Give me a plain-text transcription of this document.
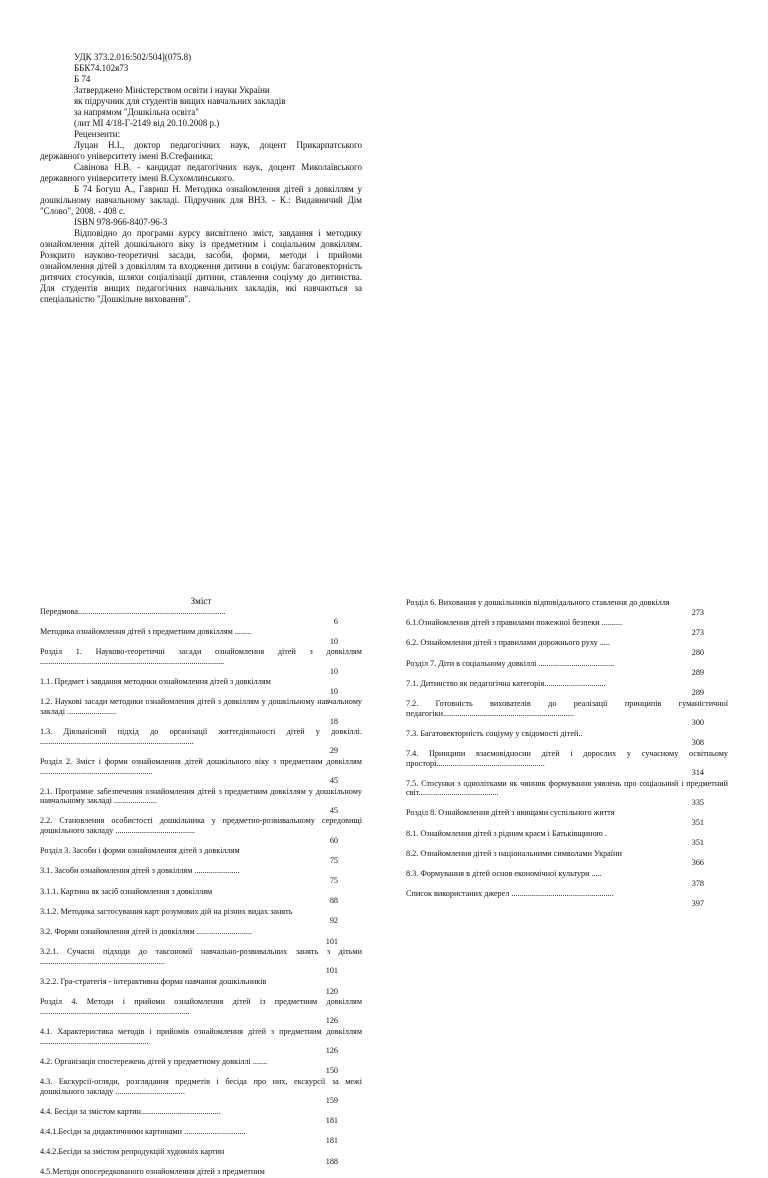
УДК 373.2.016:502/504](075.8)
ББК74.102я73
Б 74
Затверджено Міністерством освіти і науки України
як підручник для студентів вищих навчальних закладів
за напрямом "Дошкільна освіта"
(лит МІ 4/18-Г-2149 від 20.10.2008 р.)
Рецензенти:
Луцан Н.І., доктор педагогічних наук, доцент Прикарпатського державного університету імені В.Стефаника;
Савінова Н.В. - кандидат педагогічних наук, доцент Миколаївського державного університету імені В.Сухомлинського.
Б 74 Богуш А., Гавриш Н. Методика ознайомлення дітей з довкіллям у дошкільному навчальному закладі. Підручник для ВНЗ. - К.: Видавничий Дім "Слово", 2008. - 408 с.
ISBN 978-966-8407-96-3
Відповідно до програми курсу висвітлено зміст, завдання і методику ознайомлення дітей дошкільного віку із предметним і соціальним довкіллям. Розкрито науково-теоретичні засади, засоби, форми, методи і прийоми ознайомлення дітей з довкіллям та входження дитини в соціум: багатовекторність дитячих стосунків, шляхи соціалізації дитини, ставлення соціуму до дитинства. Для студентів вищих педагогічних навчальних закладів, які навчаються за спеціальністю "Дошкільне виховання".
Зміст
Передмова........................................................................
6
Методика ознайомлення дітей з предметним довкіллям ........
10
Розділ 1. Науково-теоретичні засади ознайомлення дітей з довкіллям ..........................................................................................
10
1.1. Предмет і завдання методики ознайомлення дітей з довкіллям
10
1.2. Наукові засади методики ознайомлення дітей з довкіллям у дошкільному навчальному закладі ........................
18
1.3. Діяльнісний підхід до організації життєдіяльності дітей у довкіллі. ...........................................................................
29
Розділ 2. Зміст і форми ознайомлення дітей дошкільного віку з предметним довкіллям .......................................................
45
2.1. Програмне забезпечення ознайомлення дітей з предметним довкіллям у дошкільному навчальному закладі .....................
45
2.2. Становлення особистості дошкільника у предметно-розвивальному середовищі дошкільного закладу .......................................
60
Розділ 3. Засоби і форми ознайомлення дітей з довкіллям
75
3.1. Засоби ознайомлення дітей з довкіллям ......................
75
3.1.1. Картина як засіб ознайомлення з довкіллям
88
3.1.2. Методика застосування карт розумових дій на різних видах занять
92
3.2. Форми ознайомлення дітей із довкіллям ...........................
101
3.2.1. Сучасні підходи до таксономії навчально-розвивальних занять з дітьми .............................................................
101
3.2.2. Гра-стратегія - інтерактивна форма навчання дошкільників
120
Розділ 4. Методи і прийоми ознайомлення дітей із предметним довкіллям .........................................................................
126
4.1. Характеристика методів і прийомів ознайомлення дітей з предметним довкіллям .....................................................
126
4.2. Організація спостережень дітей у предметному довкіллі .......
150
4.3. Екскурсії-огляди, розглядання предметів і бесіда про них, екскурсії за межі дошкільного закладу ..................................
159
4.4. Бесіди за змістом картин.......................................
181
4.4.1.Бесіди за дидактичними картинами ..............................
181
4.4.2.Бесіди за змістом репродукцій художніх картин
188
4.5.Методи опосередкованого ознайомлення дітей з предметним
Розділ 6. Виховання у дошкільників відповідального ставлення до довкілля
273
6.1.Ознайомлення дітей з правилами пожежної безпеки ..........
273
6.2. Ознайомлення дітей з правилами дорожнього руху .....
280
Розділ 7. Діти в соціальному довкіллі .....................................
289
7.1. Дитинство як педагогічна категорія..............................
289
7.2. Готовність вихователів до реалізації принципів гуманістичної педагогіки................................................................
300
7.3. Багатовекторність соціуму у свідомості дітей..
308
7.4. Принципи взаємовідносин дітей і дорослих у сучасному освітньому просторі.....................................................
314
7.5. Стосунки з однолітками як чинник формування уявлень про соціальний і предметний світ.......................................
335
Розділ 8. Ознайомлення дітей з явищами суспільного життя
351
8.1. Ознайомлення дітей з рідним краєм і Батьківщиною .
351
8.2. Ознайомлення дітей з національними символами України
366
8.3. Формування в дітей основ економічної культури .....
378
Список використаних джерел ..................................................
397
